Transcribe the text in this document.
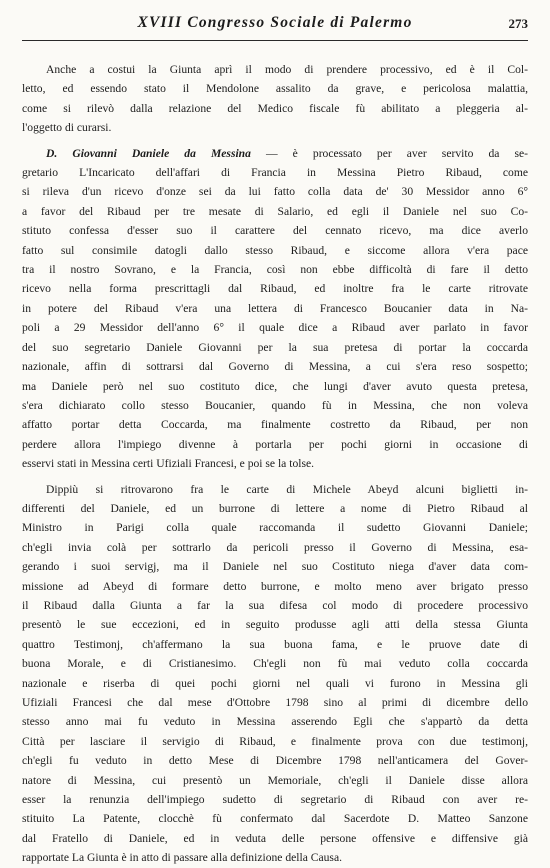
XVIII Congresso Sociale di Palermo	273
Anche a costui la Giunta aprì il modo di prendere processivo, ed è il Col-
letto, ed essendo stato il Mendolone assalito da grave, e pericolosa malattia,
come si rilevò dalla relazione del Medico fiscale fù abilitato a pleggeria al-
l'oggetto di curarsi.
D. Giovanni Daniele da Messina — è processato per aver servito da se-
gretario L'Incaricato dell'affari di Francia in Messina Pietro Ribaud, come
si rileva d'un ricevo d'onze sei da lui fatto colla data de' 30 Messidor anno 6°
a favor del Ribaud per tre mesate di Salario, ed egli il Daniele nel suo Co-
stituto confessa d'esser suo il carattere del cennato ricevo, ma dice averlo
fatto sul consimile datogli dallo stesso Ribaud, e siccome allora v'era pace
tra il nostro Sovrano, e la Francia, così non ebbe difficoltà di fare il detto
ricevo nella forma prescrittagli dal Ribaud, ed inoltre fra le carte ritrovate
in potere del Ribaud v'era una lettera di Francesco Boucanier data in Na-
poli a 29 Messidor dell'anno 6° il quale dice a Ribaud aver parlato in favor
del suo segretario Daniele Giovanni per la sua pretesa di portar la coccarda
nazionale, affin di sottrarsi dal Governo di Messina, a cui s'era reso sospetto;
ma Daniele però nel suo costituto dice, che lungi d'aver avuto questa pretesa,
s'era dichiarato collo stesso Boucanier, quando fù in Messina, che non voleva
affatto portar detta Coccarda, ma finalmente costretto da Ribaud, per non
perdere allora l'impiego divenne à portarla per pochi giorni in occasione di
esservi stati in Messina certi Ufiziali Francesi, e poi se la tolse.
Dippiù si ritrovarono fra le carte di Michele Abeyd alcuni biglietti in-
differenti del Daniele, ed un burrone di lettere a nome di Pietro Ribaud al
Ministro in Parigi colla quale raccomanda il sudetto Giovanni Daniele;
ch'egli invia colà per sottrarlo da pericoli presso il Governo di Messina, esa-
gerando i suoi servigj, ma il Daniele nel suo Costituto niega d'aver data com-
missione ad Abeyd di formare detto burrone, e molto meno aver brigato presso
il Ribaud dalla Giunta a far la sua difesa col modo di procedere processivo
presentò le sue eccezioni, ed in seguito produsse agli atti della stessa Giunta
quattro Testimonj, ch'affermano la sua buona fama, e le pruove date di
buona Morale, e di Cristianesimo. Ch'egli non fù mai veduto colla coccarda
nazionale e riserba di quei pochi giorni nel quali vi furono in Messina gli
Ufiziali Francesi che dal mese d'Ottobre 1798 sino al primi di dicembre dello
stesso anno mai fu veduto in Messina asserendo Egli che s'appartò da detta
Città per lasciare il servigio di Ribaud, e finalmente prova con due testimonj,
ch'egli fu veduto in detto Mese di Dicembre 1798 nell'anticamera del Gover-
natore di Messina, cui presentò un Memoriale, ch'egli il Daniele disse allora
esser la renunzia dell'impiego sudetto di segretario di Ribaud con aver re-
stituito La Patente, clocchè fù confermato dal Sacerdote D. Matteo Sanzone
dal Fratello di Daniele, ed in veduta delle persone offensive e diffensive già
rapportate La Giunta è in atto di passare alla definizione della Causa.
